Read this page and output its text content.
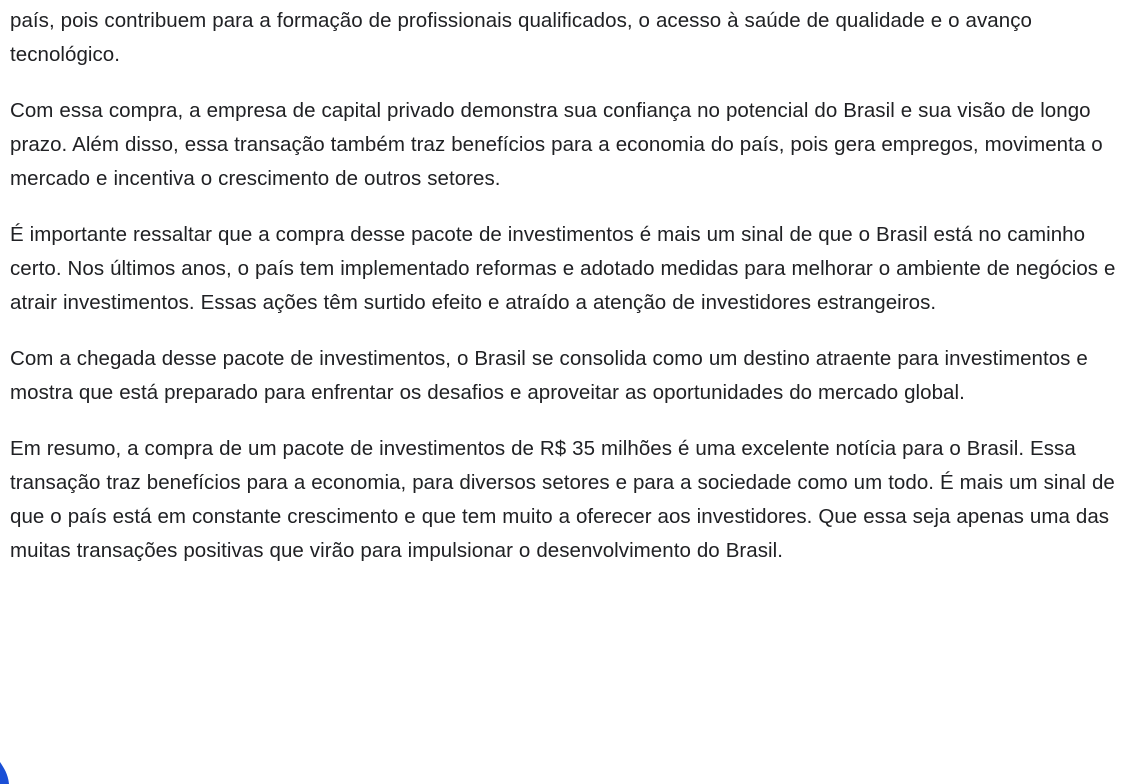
país, pois contribuem para a formação de profissionais qualificados, o acesso à saúde de qualidade e o avanço tecnológico.

Com essa compra, a empresa de capital privado demonstra sua confiança no potencial do Brasil e sua visão de longo prazo. Além disso, essa transação também traz benefícios para a economia do país, pois gera empregos, movimenta o mercado e incentiva o crescimento de outros setores.

É importante ressaltar que a compra desse pacote de investimentos é mais um sinal de que o Brasil está no caminho certo. Nos últimos anos, o país tem implementado reformas e adotado medidas para melhorar o ambiente de negócios e atrair investimentos. Essas ações têm surtido efeito e atraído a atenção de investidores estrangeiros.

Com a chegada desse pacote de investimentos, o Brasil se consolida como um destino atraente para investimentos e mostra que está preparado para enfrentar os desafios e aproveitar as oportunidades do mercado global.

Em resumo, a compra de um pacote de investimentos de R$ 35 milhões é uma excelente notícia para o Brasil. Essa transação traz benefícios para a economia, para diversos setores e para a sociedade como um todo. É mais um sinal de que o país está em constante crescimento e que tem muito a oferecer aos investidores. Que essa seja apenas uma das muitas transações positivas que virão para impulsionar o desenvolvimento do Brasil.
